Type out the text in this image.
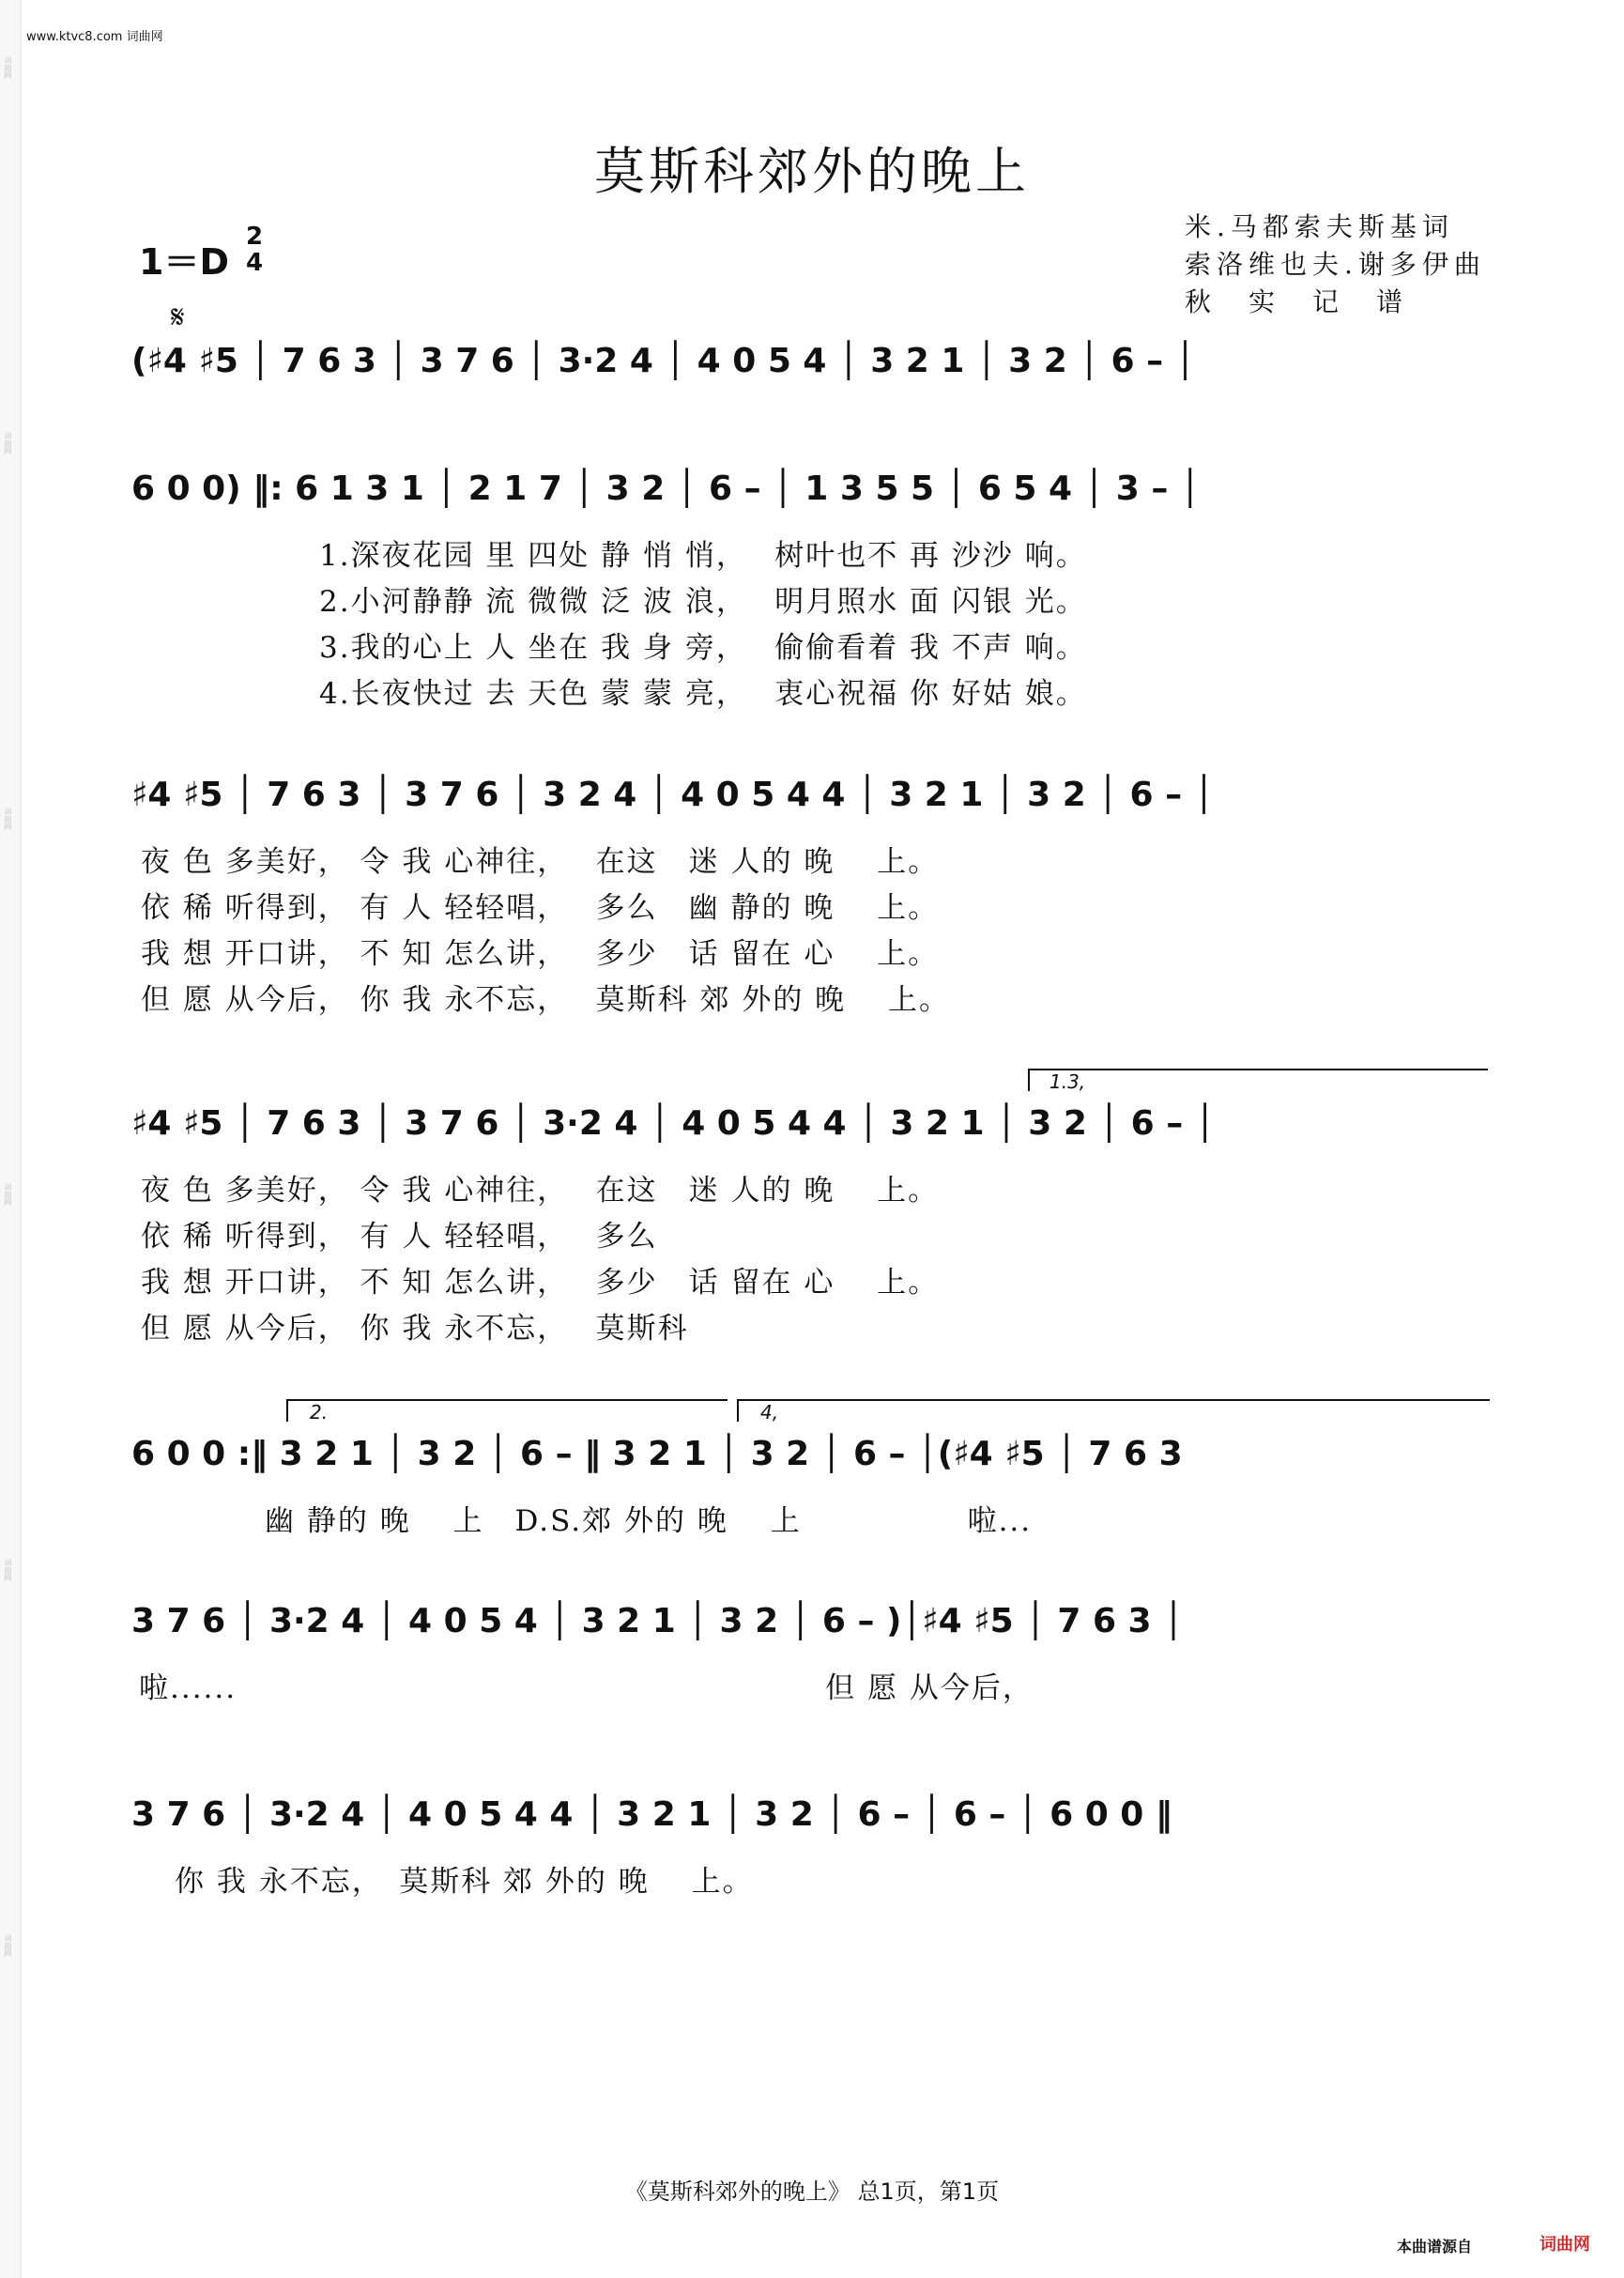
词曲网
词曲网
词曲网
词曲网
词曲网
词曲网
www.ktvc8.com 词曲网
莫斯科郊外的晚上
1＝D
2
4
米.马都索夫斯基词
索洛维也夫.谢多伊曲
秋　实　记　谱
𝄋
(♯4 ♯5 │ 7 6 3 │ 3 7 6 │ 3·2 4 │ 4 0 5 4 │ 3 2 1 │ 3 2 │ 6 – │
6 0 0) ‖: 6 1 3 1 │ 2 1 7 │ 3 2 │ 6 – │ 1 3 5 5 │ 6 5 4 │ 3 – │
1.深夜花园 里 四处 静 悄 悄，　 树叶也不 再 沙沙 响。
2.小河静静 流 微微 泛 波 浪，　 明月照水 面 闪银 光。
3.我的心上 人 坐在 我 身 旁，　 偷偷看着 我 不声 响。
4.长夜快过 去 天色 蒙 蒙 亮，　 衷心祝福 你 好姑 娘。
♯4 ♯5 │ 7 6 3 │ 3 7 6 │ 3 2 4 │ 4 0 5 4 4 │ 3 2 1 │ 3 2 │ 6 – │
夜 色 多美好， 令 我 心神往，　 在这　迷 人的 晚　 上。
依 稀 听得到， 有 人 轻轻唱，　 多么　幽 静的 晚　 上。
我 想 开口讲， 不 知 怎么讲，　 多少　话 留在 心　 上。
但 愿 从今后， 你 我 永不忘，　 莫斯科 郊 外的 晚　 上。
1.3,
♯4 ♯5 │ 7 6 3 │ 3 7 6 │ 3·2 4 │ 4 0 5 4 4 │ 3 2 1 │ 3 2 │ 6 – │
夜 色 多美好， 令 我 心神往，　 在这　迷 人的 晚　 上。
依 稀 听得到， 有 人 轻轻唱，　 多么
我 想 开口讲， 不 知 怎么讲，　 多少　话 留在 心　 上。
但 愿 从今后， 你 我 永不忘，　 莫斯科
2.	4,
6 0 0 :‖ 3 2 1 │ 3 2 │ 6 – ‖ 3 2 1 │ 3 2 │ 6 – │(♯4 ♯5 │ 7 6 3
　　　　幽 静的 晚　 上　D.S.郊 外的 晚　 上　　　　　 啦...
3 7 6 │ 3·2 4 │ 4 0 5 4 │ 3 2 1 │ 3 2 │ 6 – )│♯4 ♯5 │ 7 6 3 │
啦......　　　　　　　　　　　　　　　　　　　但 愿 从今后，
3 7 6 │ 3·2 4 │ 4 0 5 4 4 │ 3 2 1 │ 3 2 │ 6 – │ 6 – │ 6 0 0 ‖
你 我 永不忘，　莫斯科 郊 外的 晚　 上。
《莫斯科郊外的晚上》 总1页，第1页
本曲谱源自	词曲网
